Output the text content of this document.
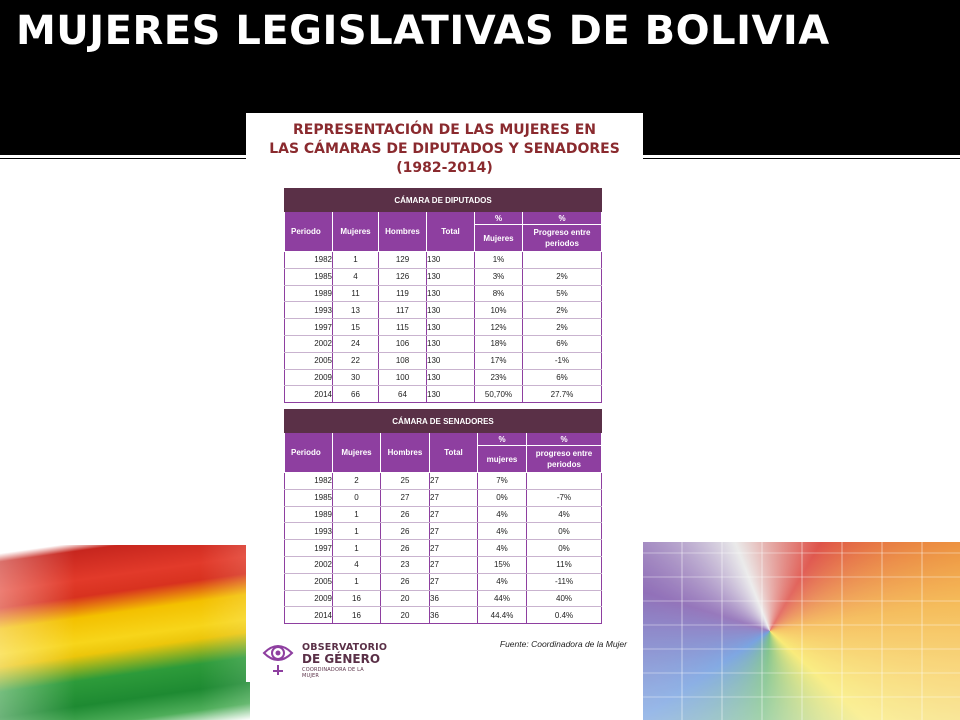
MUJERES LEGISLATIVAS DE BOLIVIA
REPRESENTACIÓN DE LAS MUJERES EN
LAS CÁMARAS DE DIPUTADOS Y SENADORES
(1982-2014)
CÁMARA DE DIPUTADOS					
Periodo	Mujeres	Hombres	Total	%	%
				Mujeres	Progreso entre periodos
1982	1	129	130	1%	
1985	4	126	130	3%	2%
1989	11	119	130	8%	5%
1993	13	117	130	10%	2%
1997	15	115	130	12%	2%
2002	24	106	130	18%	6%
2005	22	108	130	17%	-1%
2009	30	100	130	23%	6%
2014	66	64	130	50,70%	27.7%
CÁMARA DE SENADORES					
Periodo	Mujeres	Hombres	Total	%	%
				mujeres	progreso entre periodos
1982	2	25	27	7%	
1985	0	27	27	0%	-7%
1989	1	26	27	4%	4%
1993	1	26	27	4%	0%
1997	1	26	27	4%	0%
2002	4	23	27	15%	11%
2005	1	26	27	4%	-11%
2009	16	20	36	44%	40%
2014	16	20	36	44.4%	0.4%
OBSERVATORIO
DE GÉNERO
COORDINADORA DE LA MUJER
Fuente: Coordinadora de la Mujer
